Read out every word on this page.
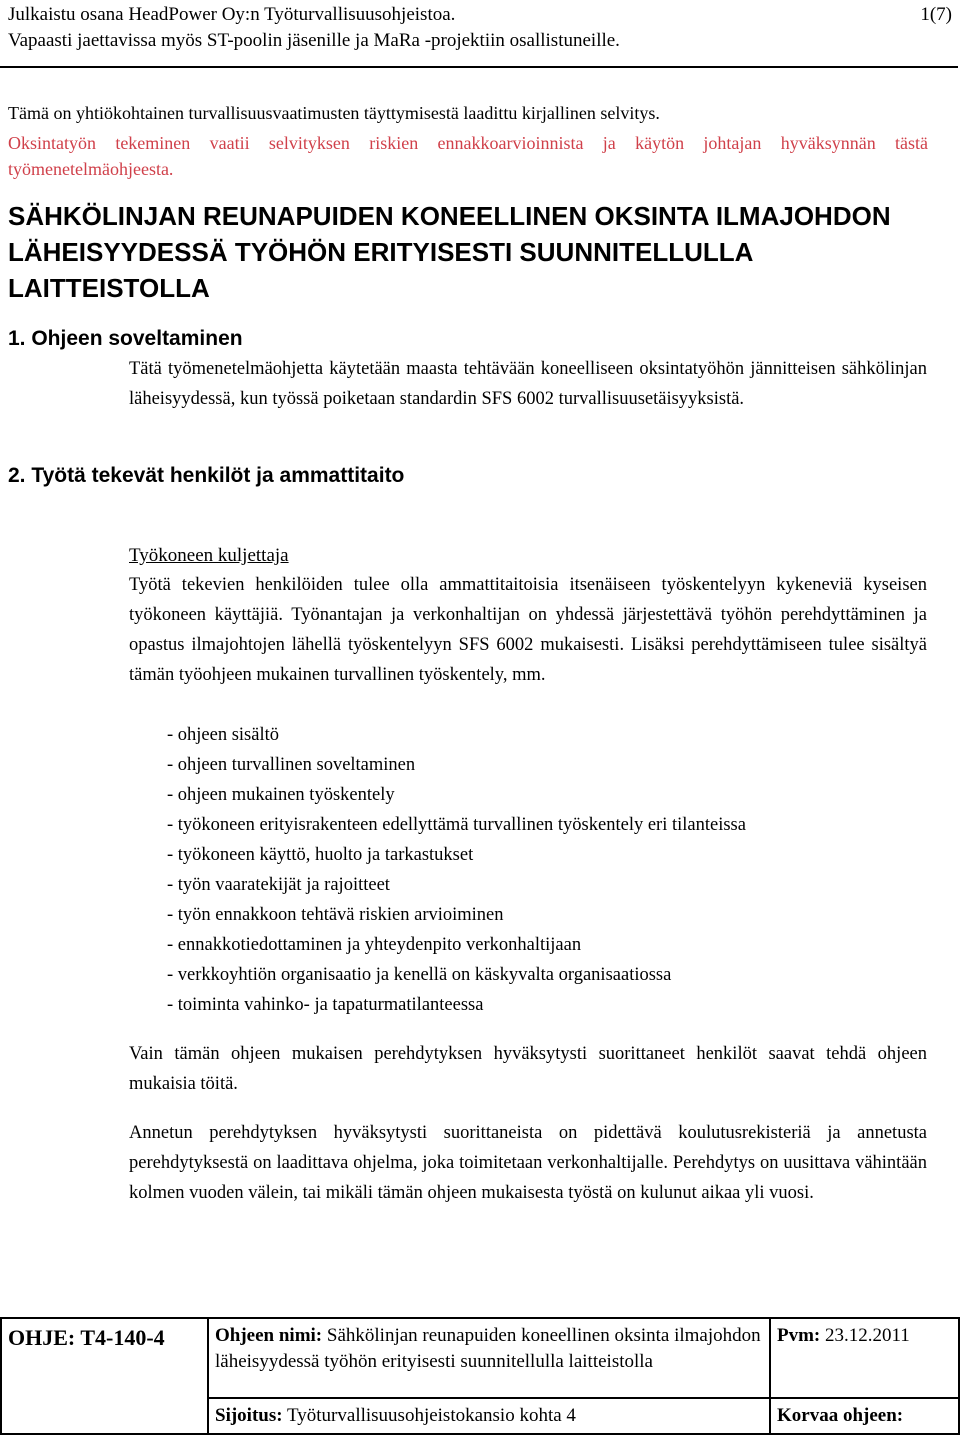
Julkaistu osana HeadPower Oy:n Työturvallisuusohjeistoa.
Vapaasti jaettavissa myös ST-poolin jäsenille ja MaRa -projektiin osallistuneille.
1(7)

Tämä on yhtiökohtainen turvallisuusvaatimusten täyttymisestä laadittu kirjallinen selvitys.

Oksintatyön tekeminen vaatii selvityksen riskien ennakkoarvioinnista ja käytön johtajan hyväksynnän tästä työmenetelmäohjeesta.

SÄHKÖLINJAN REUNAPUIDEN KONEELLINEN OKSINTA ILMAJOHDON LÄHEISYYDESSÄ TYÖHÖN ERITYISESTI SUUNNITELLULLA LAITTEISTOLLA
1. Ohjeen soveltaminen

Tätä työmenetelmäohjetta käytetään maasta tehtävään koneelliseen oksintatyöhön jännitteisen sähkölinjan läheisyydessä, kun työssä poiketaan standardin SFS 6002 turvallisuusetäisyyksistä.

2. Työtä tekevät henkilöt ja ammattitaito

Työkoneen kuljettaja

Työtä tekevien henkilöiden tulee olla ammattitaitoisia itsenäiseen työskentelyyn kykeneviä kyseisen työkoneen käyttäjiä. Työnantajan ja verkonhaltijan on yhdessä järjestettävä työhön perehdyttäminen ja opastus ilmajohtojen lähellä työskentelyyn SFS 6002 mukaisesti. Lisäksi perehdyttämiseen tulee sisältyä tämän työohjeen mukainen turvallinen työskentely, mm.

- ohjeen sisältö
- ohjeen turvallinen soveltaminen
- ohjeen mukainen työskentely
- työkoneen erityisrakenteen edellyttämä turvallinen työskentely eri tilanteissa
- työkoneen käyttö, huolto ja tarkastukset
- työn vaaratekijät ja rajoitteet
- työn ennakkoon tehtävä riskien arvioiminen
- ennakkotiedottaminen ja yhteydenpito verkonhaltijaan
- verkkoyhtiön organisaatio ja kenellä on käskyvalta organisaatiossa
- toiminta vahinko- ja tapaturmatilanteessa

Vain tämän ohjeen mukaisen perehdytyksen hyväksytysti suorittaneet henkilöt saavat tehdä ohjeen mukaisia töitä.

Annetun perehdytyksen hyväksytysti suorittaneista on pidettävä koulutusrekisteriä ja annetusta perehdytyksestä on laadittava ohjelma, joka toimitetaan verkonhaltijalle. Perehdytys on uusittava vähintään kolmen vuoden välein, tai mikäli tämän ohjeen mukaisesta työstä on kulunut aikaa yli vuosi.

OHJE: T4-140-4	Ohjeen nimi: Sähkölinjan reunapuiden koneellinen oksinta ilmajohdon läheisyydessä työhön erityisesti suunnitellulla laitteistolla	Pvm: 23.12.2011
	Sijoitus: Työturvallisuusohjeistokansio kohta 4	Korvaa ohjeen:
